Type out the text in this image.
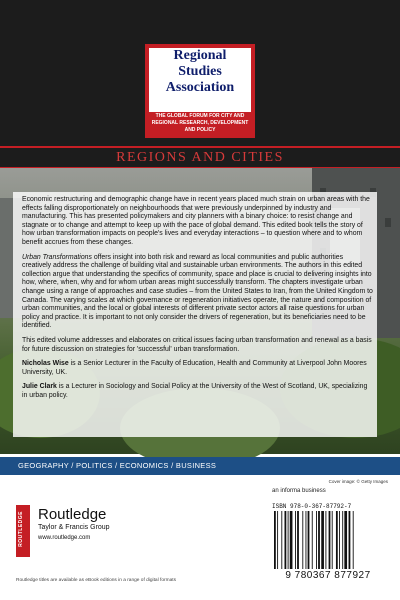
Regional
Studies
Association
THE GLOBAL FORUM FOR CITY AND REGIONAL RESEARCH, DEVELOPMENT AND POLICY
REGIONS AND CITIES

Economic restructuring and demographic change have in recent years placed much strain on urban areas with the effects falling disproportionately on neighbourhoods that were previously underpinned by industry and manufacturing. This has presented policymakers and city planners with a binary choice: to resist change and stagnate or to change and attempt to keep up with the pace of global demand. This edited book tells the story of how urban transformation impacts on people's lives and everyday interactions – to question where and to whom benefit accrues from these changes.

Urban Transformations offers insight into both risk and reward as local communities and public authorities creatively address the challenge of building vital and sustainable urban environments. The authors in this edited collection argue that understanding the specifics of community, space and place is crucial to delivering insights into how, where, when, why and for whom urban areas might successfully transform. The chapters investigate urban change using a range of approaches and case studies – from the United States to Iran, from the United Kingdom to Canada. The varying scales at which governance or regeneration initiatives operate, the nature and composition of urban communities, and the local or global interests of different private sector actors all raise questions for urban policy and practice. It is important to not only consider the drivers of regeneration, but its beneficiaries need to be identified.

This edited volume addresses and elaborates on critical issues facing urban transformation and renewal as a basis for future discussion on strategies for 'successful' urban transformation.

Nicholas Wise is a Senior Lecturer in the Faculty of Education, Health and Community at Liverpool John Moores University, UK.

Julie Clark is a Lecturer in Sociology and Social Policy at the University of the West of Scotland, UK, specializing in urban policy.

GEOGRAPHY / POLITICS / ECONOMICS / BUSINESS
Cover image: © Getty Images
ROUTLEDGE Routledge
Taylor & Francis Group
www.routledge.com
Routledge titles are available as eBook editions in a range of digital formats
an informa business
ISBN 978-0-367-87792-7
9 780367 877927
